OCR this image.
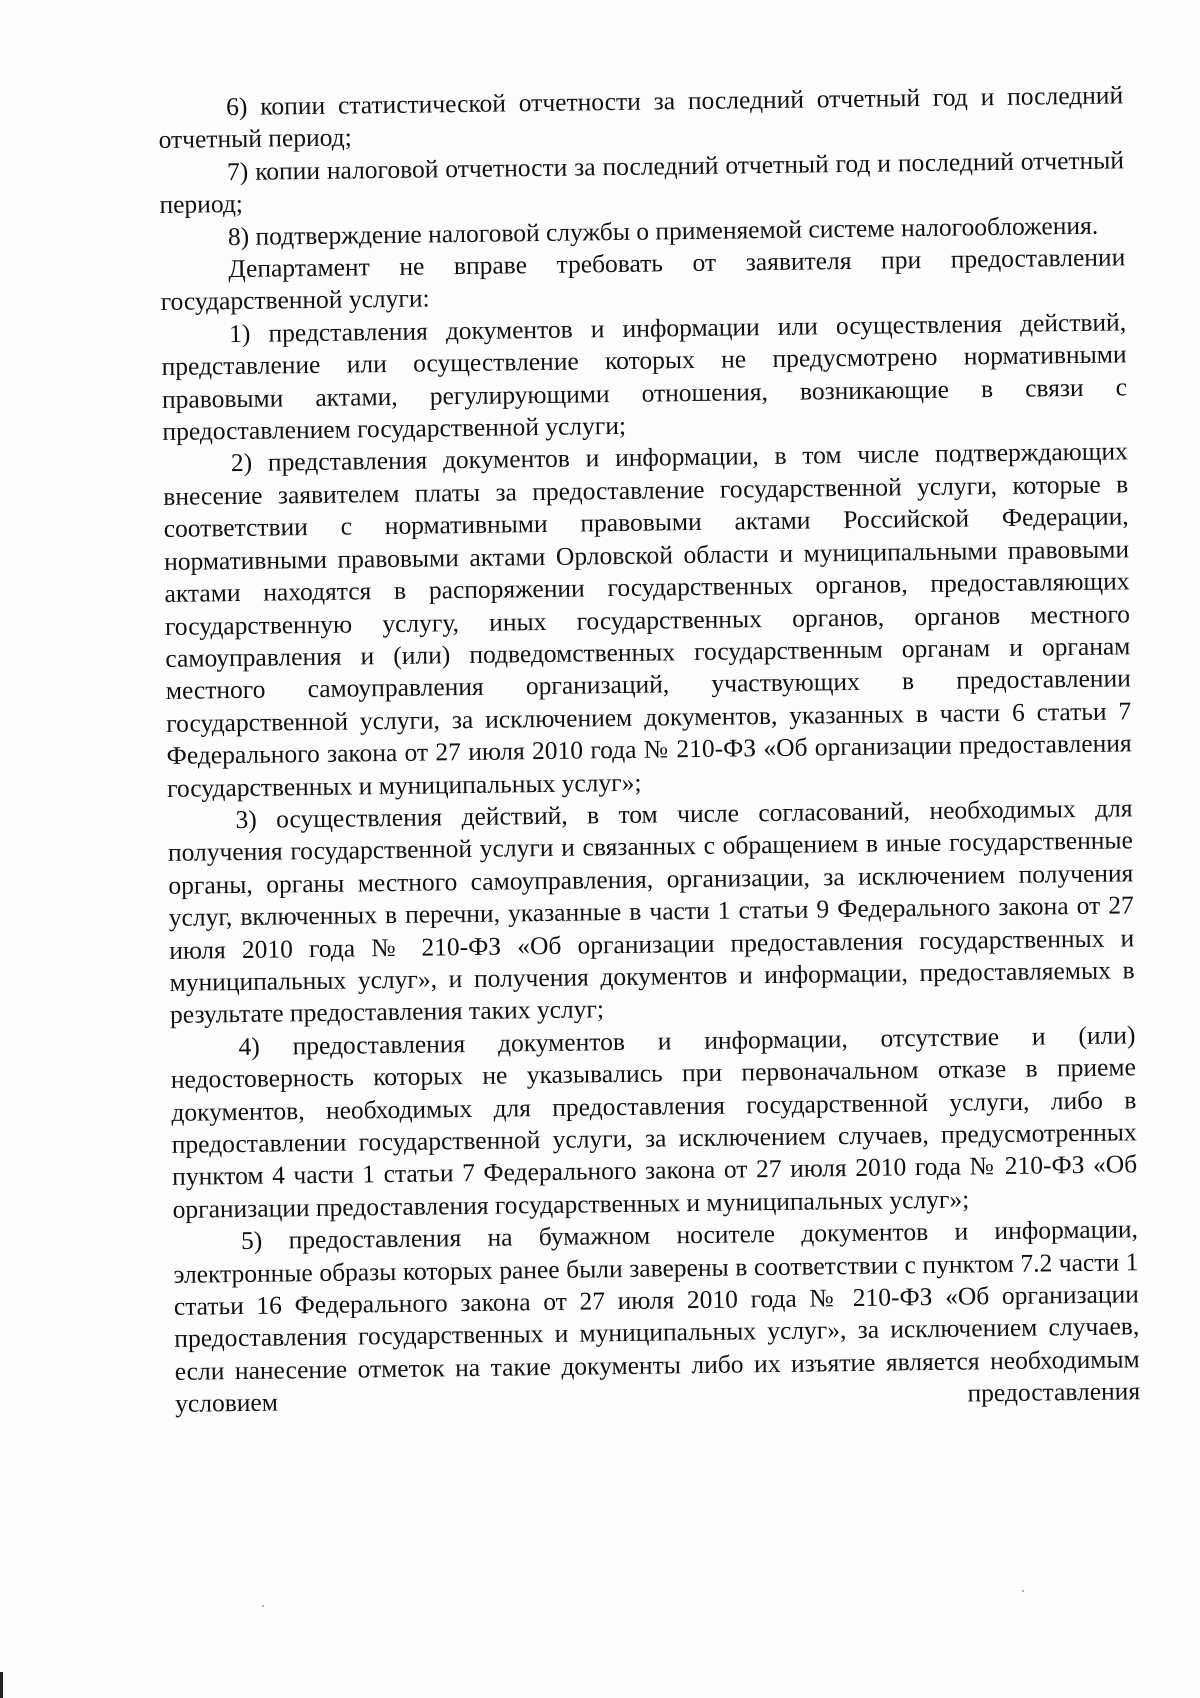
6) копии статистической отчетности за последний отчетный год и последний отчетный период;

7) копии налоговой отчетности за последний отчетный год и последний отчетный период;

8) подтверждение налоговой службы о применяемой системе налогообложения.

Департамент не вправе требовать от заявителя при предоставлении государственной услуги:

1) представления документов и информации или осуществления действий, представление или осуществление которых не предусмотрено нормативными правовыми актами, регулирующими отношения, возникающие в связи с предоставлением государственной услуги;

2) представления документов и информации, в том числе подтверждающих внесение заявителем платы за предоставление государственной услуги, которые в соответствии с нормативными правовыми актами Российской Федерации, нормативными правовыми актами Орловской области и муниципальными правовыми актами находятся в распоряжении государственных органов, предоставляющих государственную услугу, иных государственных органов, органов местного самоуправления и (или) подведомственных государственным органам и органам местного самоуправления организаций, участвующих в предоставлении государственной услуги, за исключением документов, указанных в части 6 статьи 7 Федерального закона от 27 июля 2010 года № 210-ФЗ «Об организации предоставления государственных и муниципальных услуг»;

3) осуществления действий, в том числе согласований, необходимых для получения государственной услуги и связанных с обращением в иные государственные органы, органы местного самоуправления, организации, за исключением получения услуг, включенных в перечни, указанные в части 1 статьи 9 Федерального закона от 27 июля 2010 года № 210-ФЗ «Об организации предоставления государственных и муниципальных услуг», и получения документов и информации, предоставляемых в результате предоставления таких услуг;

4) предоставления документов и информации, отсутствие и (или) недостоверность которых не указывались при первоначальном отказе в приеме документов, необходимых для предоставления государственной услуги, либо в предоставлении государственной услуги, за исключением случаев, предусмотренных пунктом 4 части 1 статьи 7 Федерального закона от 27 июля 2010 года № 210-ФЗ «Об организации предоставления государственных и муниципальных услуг»;

5) предоставления на бумажном носителе документов и информации, электронные образы которых ранее были заверены в соответствии с пунктом 7.2 части 1 статьи 16 Федерального закона от 27 июля 2010 года № 210-ФЗ «Об организации предоставления государственных и муниципальных услуг», за исключением случаев, если нанесение отметок на такие документы либо их изъятие является необходимым условием предоставления
